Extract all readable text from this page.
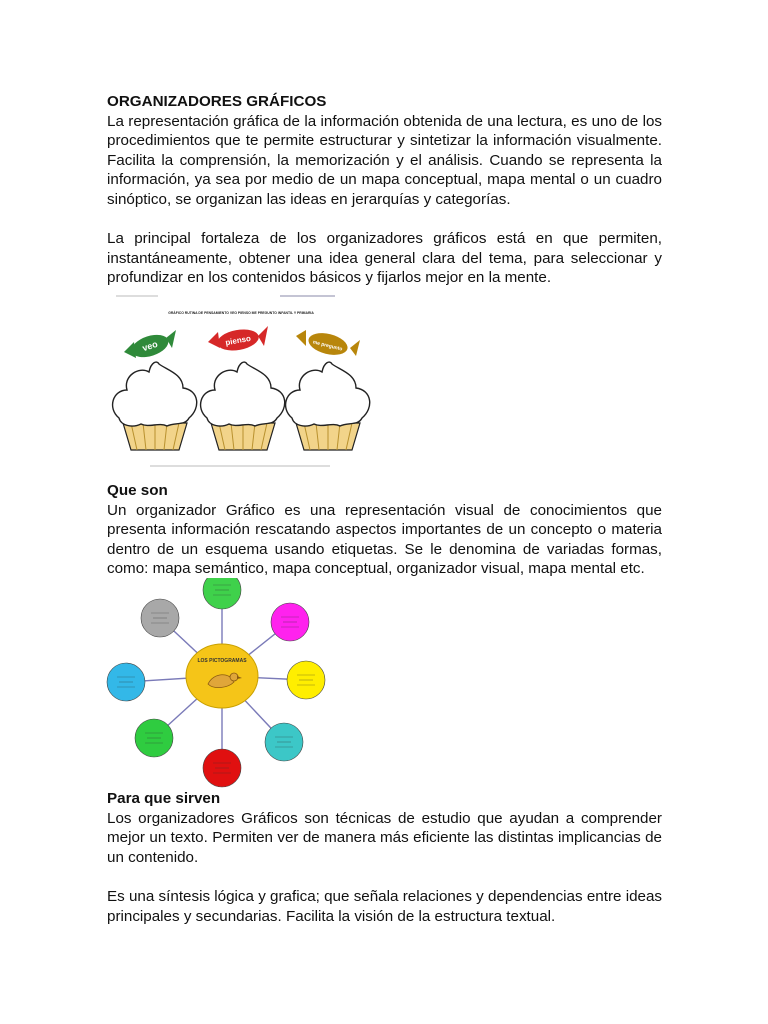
ORGANIZADORES GRÁFICOS

La representación gráfica de la información obtenida de una lectura, es uno de los procedimientos que te permite estructurar y sintetizar la información visualmente. Facilita la comprensión, la memorización y el análisis. Cuando se representa la información, ya sea por medio de un mapa conceptual, mapa mental o un cuadro sinóptico, se organizan las ideas en jerarquías y categorías.

La principal fortaleza de los organizadores gráficos está en que permiten, instantáneamente, obtener una idea general clara del tema, para seleccionar y profundizar en los contenidos básicos y fijarlos mejor en la mente.

GRÁFICO RUTINA DE PENSAMIENTO VEO PIENSO ME PREGUNTO INFANTIL Y PRIMARIA
veo	pienso	me pregunto

Que son

Un organizador Gráfico es una representación visual de conocimientos que presenta información rescatando aspectos importantes de un concepto o materia dentro de un esquema usando etiquetas. Se le denomina de variadas formas, como: mapa semántico, mapa conceptual, organizador visual, mapa mental etc.

LOS PICTOGRAMAS

Para que sirven

Los organizadores Gráficos son técnicas de estudio que ayudan a comprender mejor un texto. Permiten ver de manera más eficiente las distintas implicancias de un contenido.

Es una síntesis lógica y grafica; que señala relaciones y dependencias entre ideas principales y secundarias. Facilita la visión de la estructura textual.
